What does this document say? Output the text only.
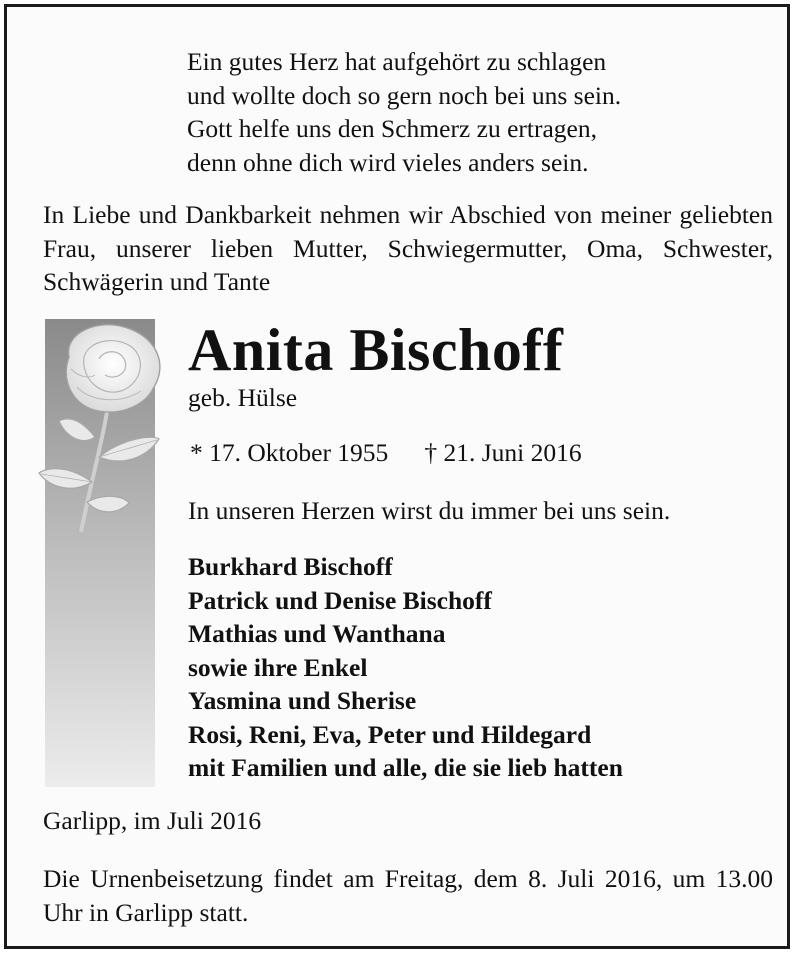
Ein gutes Herz hat aufgehört zu schlagen
und wollte doch so gern noch bei uns sein.
Gott helfe uns den Schmerz zu ertragen,
denn ohne dich wird vieles anders sein.

In Liebe und Dankbarkeit nehmen wir Abschied von meiner geliebten Frau, unserer lieben Mutter, Schwiegermutter, Oma, Schwester, Schwägerin und Tante

Anita Bischoff
geb. Hülse
* 17. Oktober 1955 † 21. Juni 2016
In unseren Herzen wirst du immer bei uns sein.
Burkhard Bischoff
Patrick und Denise Bischoff
Mathias und Wanthana
sowie ihre Enkel
Yasmina und Sherise
Rosi, Reni, Eva, Peter und Hildegard
mit Familien und alle, die sie lieb hatten
Garlipp, im Juli 2016

Die Urnenbeisetzung findet am Freitag, dem 8. Juli 2016, um 13.00 Uhr in Garlipp statt.
